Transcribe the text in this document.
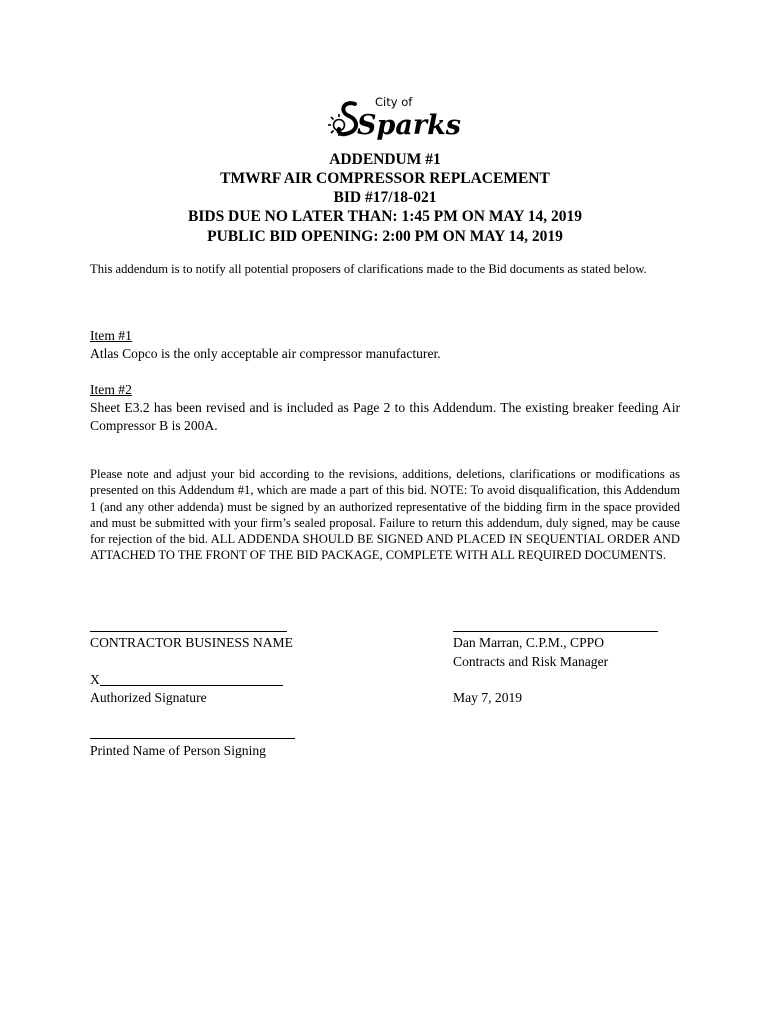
City of
Sparks
ADDENDUM #1
TMWRF AIR COMPRESSOR REPLACEMENT
BID #17/18-021
BIDS DUE NO LATER THAN: 1:45 PM ON MAY 14, 2019
PUBLIC BID OPENING: 2:00 PM ON MAY 14, 2019
This addendum is to notify all potential proposers of clarifications made to the Bid documents as stated below.
Item #1
Atlas Copco is the only acceptable air compressor manufacturer.
Item #2
Sheet E3.2 has been revised and is included as Page 2 to this Addendum. The existing breaker feeding Air Compressor B is 200A.
Please note and adjust your bid according to the revisions, additions, deletions, clarifications or modifications as presented on this Addendum #1, which are made a part of this bid. NOTE: To avoid disqualification, this Addendum 1 (and any other addenda) must be signed by an authorized representative of the bidding firm in the space provided and must be submitted with your firm’s sealed proposal. Failure to return this addendum, duly signed, may be cause for rejection of the bid. ALL ADDENDA SHOULD BE SIGNED AND PLACED IN SEQUENTIAL ORDER AND ATTACHED TO THE FRONT OF THE BID PACKAGE, COMPLETE WITH ALL REQUIRED DOCUMENTS.
CONTRACTOR BUSINESS NAME
X
Authorized Signature
Printed Name of Person Signing
Dan Marran, C.P.M., CPPO
Contracts and Risk Manager
May 7, 2019
